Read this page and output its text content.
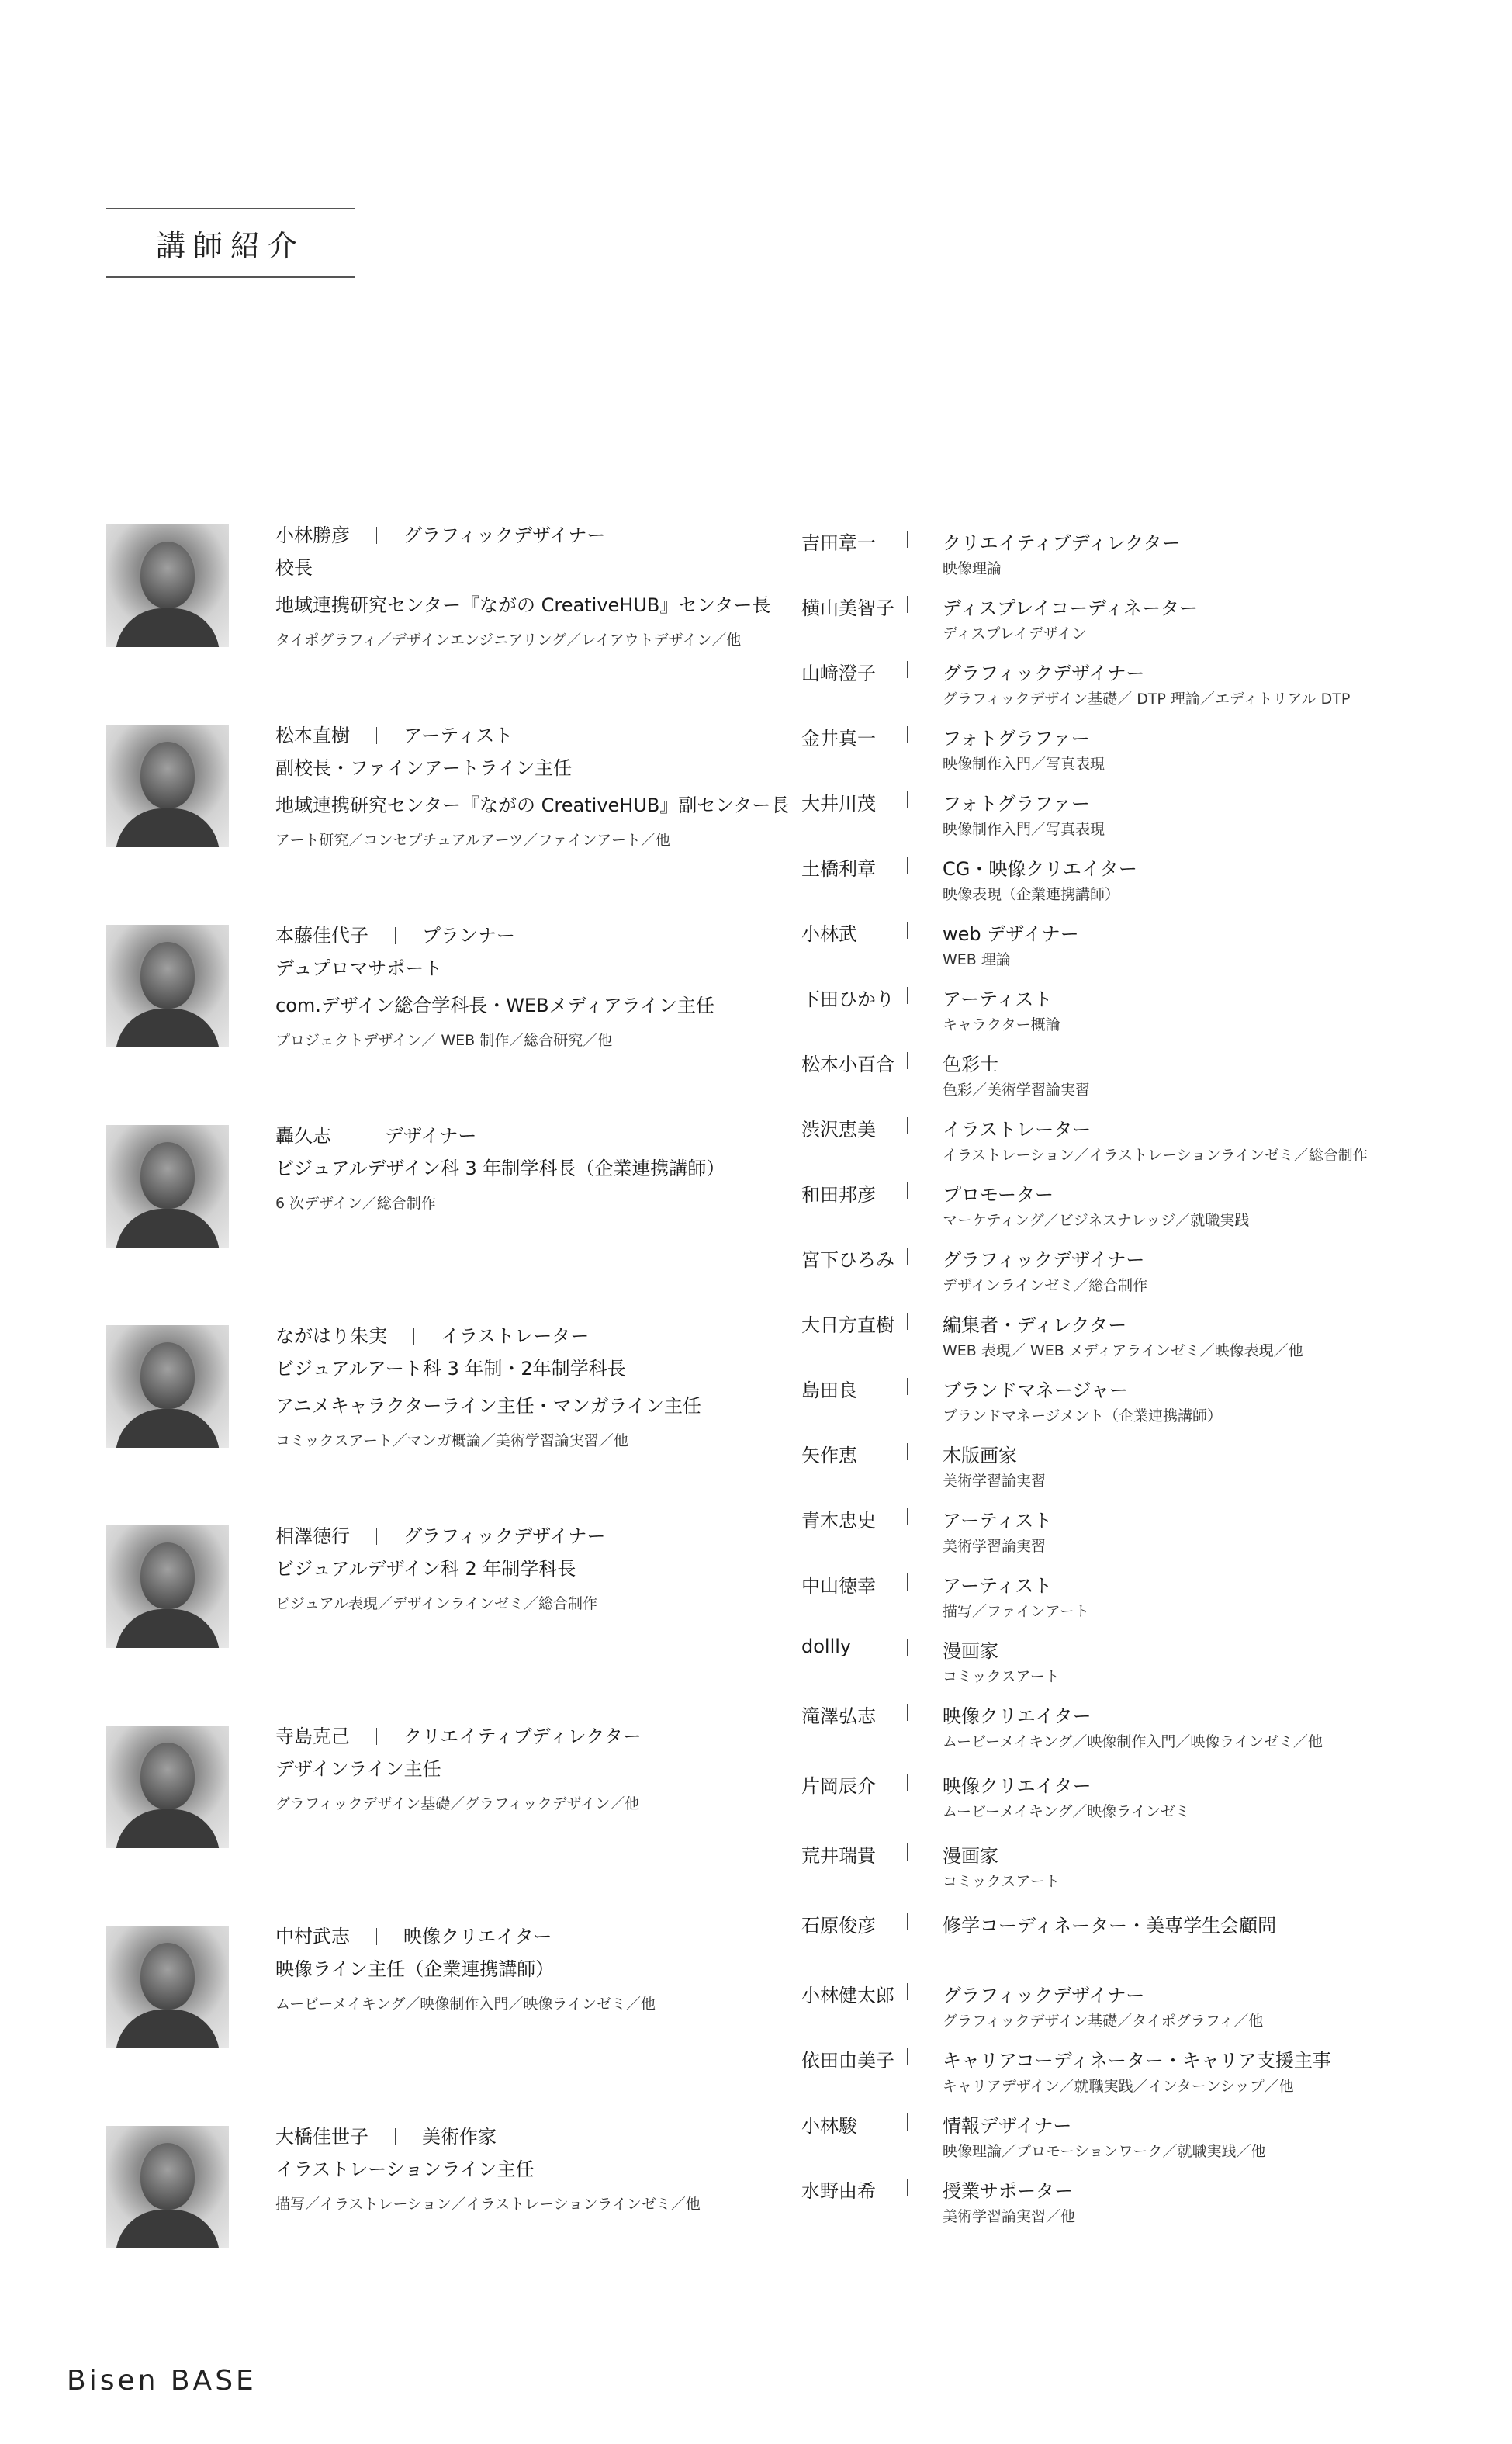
講師紹介
小林勝彦	グラフィックデザイナー
校長
地域連携研究センター『ながの CreativeHUB』センター長
タイポグラフィ／デザインエンジニアリング／レイアウトデザイン／他
松本直樹	アーティスト
副校長・ファインアートライン主任
地域連携研究センター『ながの CreativeHUB』副センター長
アート研究／コンセプチュアルアーツ／ファインアート／他
本藤佳代子	プランナー
デュプロマサポート
com.デザイン総合学科長・WEBメディアライン主任
プロジェクトデザイン／ WEB 制作／総合研究／他
轟久志	デザイナー
ビジュアルデザイン科 3 年制学科長（企業連携講師）
6 次デザイン／総合制作
ながはり朱実	イラストレーター
ビジュアルアート科 3 年制・2年制学科長
アニメキャラクターライン主任・マンガライン主任
コミックスアート／マンガ概論／美術学習論実習／他
相澤徳行	グラフィックデザイナー
ビジュアルデザイン科 2 年制学科長
ビジュアル表現／デザインラインゼミ／総合制作
寺島克己	クリエイティブディレクター
デザインライン主任
グラフィックデザイン基礎／グラフィックデザイン／他
中村武志	映像クリエイター
映像ライン主任（企業連携講師）
ムービーメイキング／映像制作入門／映像ラインゼミ／他
大橋佳世子	美術作家
イラストレーションライン主任
描写／イラストレーション／イラストレーションラインゼミ／他
吉田章一	クリエイティブディレクター
映像理論
横山美智子	ディスプレイコーディネーター
ディスプレイデザイン
山﨑澄子	グラフィックデザイナー
グラフィックデザイン基礎／ DTP 理論／エディトリアル DTP
金井真一	フォトグラファー
映像制作入門／写真表現
大井川茂	フォトグラファー
映像制作入門／写真表現
土橋利章	CG・映像クリエイター
映像表現（企業連携講師）
小林武	web デザイナー
WEB 理論
下田ひかり	アーティスト
キャラクター概論
松本小百合	色彩士
色彩／美術学習論実習
渋沢恵美	イラストレーター
イラストレーション／イラストレーションラインゼミ／総合制作
和田邦彦	プロモーター
マーケティング／ビジネスナレッジ／就職実践
宮下ひろみ	グラフィックデザイナー
デザインラインゼミ／総合制作
大日方直樹	編集者・ディレクター
WEB 表現／ WEB メディアラインゼミ／映像表現／他
島田良	ブランドマネージャー
ブランドマネージメント（企業連携講師）
矢作恵	木版画家
美術学習論実習
青木忠史	アーティスト
美術学習論実習
中山徳幸	アーティスト
描写／ファインアート
dollly	漫画家
コミックスアート
滝澤弘志	映像クリエイター
ムービーメイキング／映像制作入門／映像ラインゼミ／他
片岡辰介	映像クリエイター
ムービーメイキング／映像ラインゼミ
荒井瑞貴	漫画家
コミックスアート
石原俊彦	修学コーディネーター・美専学生会顧問
小林健太郎	グラフィックデザイナー
グラフィックデザイン基礎／タイポグラフィ／他
依田由美子	キャリアコーディネーター・キャリア支援主事
キャリアデザイン／就職実践／インターンシップ／他
小林駿	情報デザイナー
映像理論／プロモーションワーク／就職実践／他
水野由希	授業サポーター
美術学習論実習／他
Bisen BASE
